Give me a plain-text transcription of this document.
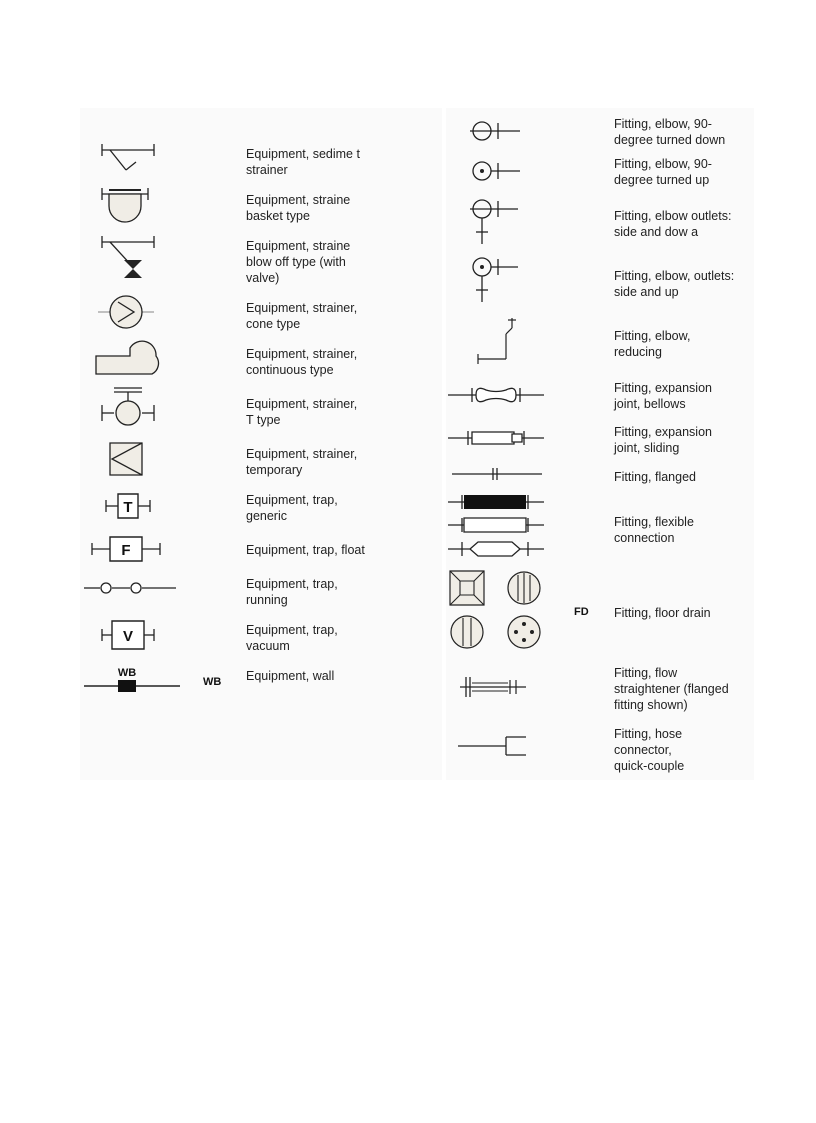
Equipment, sedime t
strainer
Equipment, straine
basket type
Equipment, straine
blow off type (with
valve)
Equipment, strainer,
cone type
Equipment, strainer,
continuous type
Equipment, strainer,
T type
Equipment, strainer,
temporary
T	Equipment, trap,
generic
F	Equipment, trap, float
Equipment, trap,
running
V	Equipment, trap,
vacuum
WB
WB Equipment, wall
Fitting, elbow, 90-
degree turned down
Fitting, elbow, 90-
degree turned up
Fitting, elbow outlets:
side and dow а
Fitting, elbow, outlets:
side and up
Fitting, elbow,
reducing
Fitting, expansion
joint, bellows
Fitting, expansion
joint, sliding
Fitting, flanged
Fitting, flexible
connection
FD Fitting, floor drain
Fitting, flow
straightener (flanged
fitting shown)
Fitting, hose
connector,
quick-couple
